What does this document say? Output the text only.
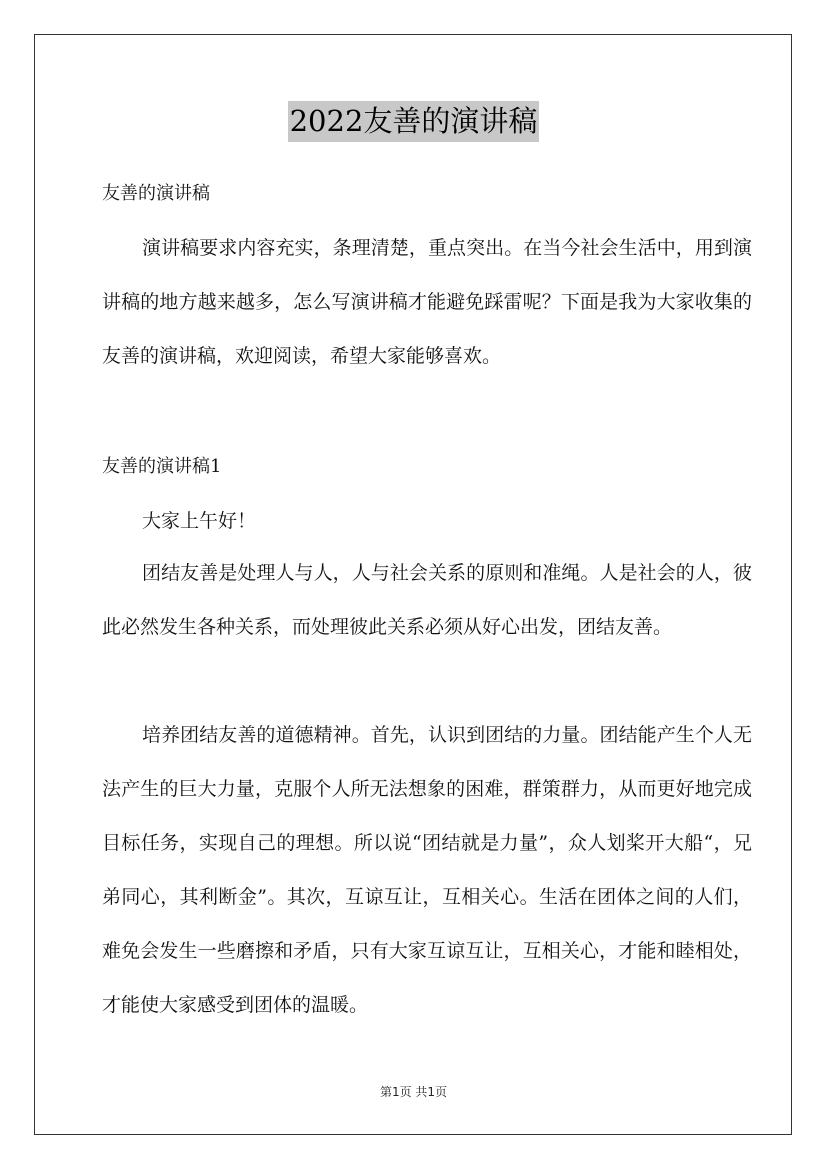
2022友善的演讲稿
友善的演讲稿

演讲稿要求内容充实，条理清楚，重点突出。在当今社会生活中，用到演讲稿的地方越来越多，怎么写演讲稿才能避免踩雷呢？下面是我为大家收集的友善的演讲稿，欢迎阅读，希望大家能够喜欢。

友善的演讲稿1
大家上午好！

团结友善是处理人与人，人与社会关系的原则和准绳。人是社会的人，彼此必然发生各种关系，而处理彼此关系必须从好心出发，团结友善。

培养团结友善的道德精神。首先，认识到团结的力量。团结能产生个人无法产生的巨大力量，克服个人所无法想象的困难，群策群力，从而更好地完成目标任务，实现自己的理想。所以说“团结就是力量”，众人划桨开大船“，兄弟同心，其利断金”。其次，互谅互让，互相关心。生活在团体之间的人们，难免会发生一些磨擦和矛盾，只有大家互谅互让，互相关心，才能和睦相处，才能使大家感受到团体的温暖。

第1页 共1页
